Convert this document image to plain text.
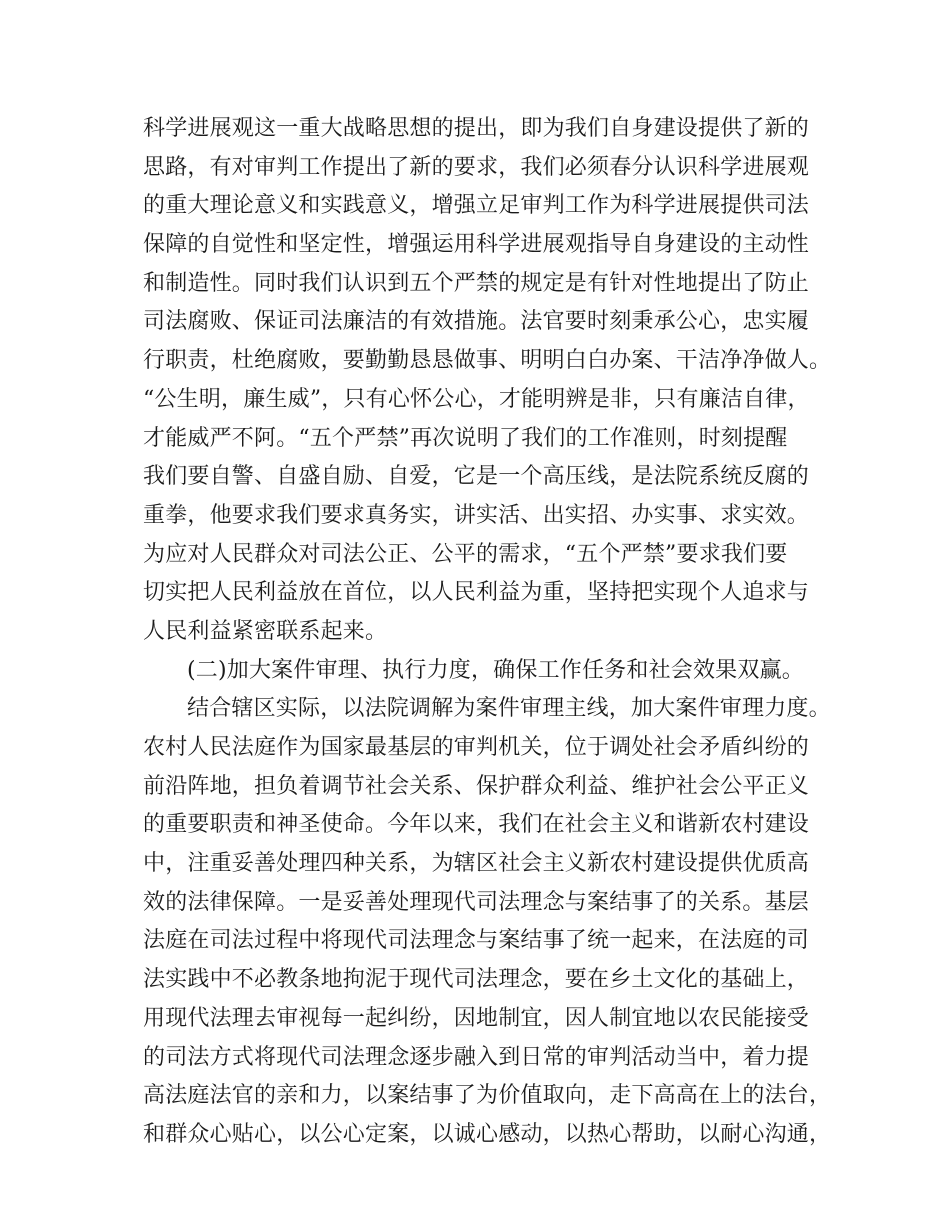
科学进展观这一重大战略思想的提出，即为我们自身建设提供了新的
思路，有对审判工作提出了新的要求，我们必须春分认识科学进展观
的重大理论意义和实践意义，增强立足审判工作为科学进展提供司法
保障的自觉性和坚定性，增强运用科学进展观指导自身建设的主动性
和制造性。同时我们认识到五个严禁的规定是有针对性地提出了防止
司法腐败、保证司法廉洁的有效措施。法官要时刻秉承公心，忠实履
行职责，杜绝腐败，要勤勤恳恳做事、明明白白办案、干洁净净做人。
“公生明，廉生威”，只有心怀公心，才能明辨是非，只有廉洁自律，
才能威严不阿。“五个严禁”再次说明了我们的工作准则，时刻提醒
我们要自警、自盛自励、自爱，它是一个高压线，是法院系统反腐的
重拳，他要求我们要求真务实，讲实活、出实招、办实事、求实效。
为应对人民群众对司法公正、公平的需求，“五个严禁”要求我们要
切实把人民利益放在首位，以人民利益为重，坚持把实现个人追求与
人民利益紧密联系起来。
(二)加大案件审理、执行力度，确保工作任务和社会效果双赢。
结合辖区实际，以法院调解为案件审理主线，加大案件审理力度。
农村人民法庭作为国家最基层的审判机关，位于调处社会矛盾纠纷的
前沿阵地，担负着调节社会关系、保护群众利益、维护社会公平正义
的重要职责和神圣使命。今年以来，我们在社会主义和谐新农村建设
中，注重妥善处理四种关系，为辖区社会主义新农村建设提供优质高
效的法律保障。一是妥善处理现代司法理念与案结事了的关系。基层
法庭在司法过程中将现代司法理念与案结事了统一起来，在法庭的司
法实践中不必教条地拘泥于现代司法理念，要在乡土文化的基础上，
用现代法理去审视每一起纠纷，因地制宜，因人制宜地以农民能接受
的司法方式将现代司法理念逐步融入到日常的审判活动当中，着力提
高法庭法官的亲和力，以案结事了为价值取向，走下高高在上的法台，
和群众心贴心，以公心定案，以诚心感动，以热心帮助，以耐心沟通，
